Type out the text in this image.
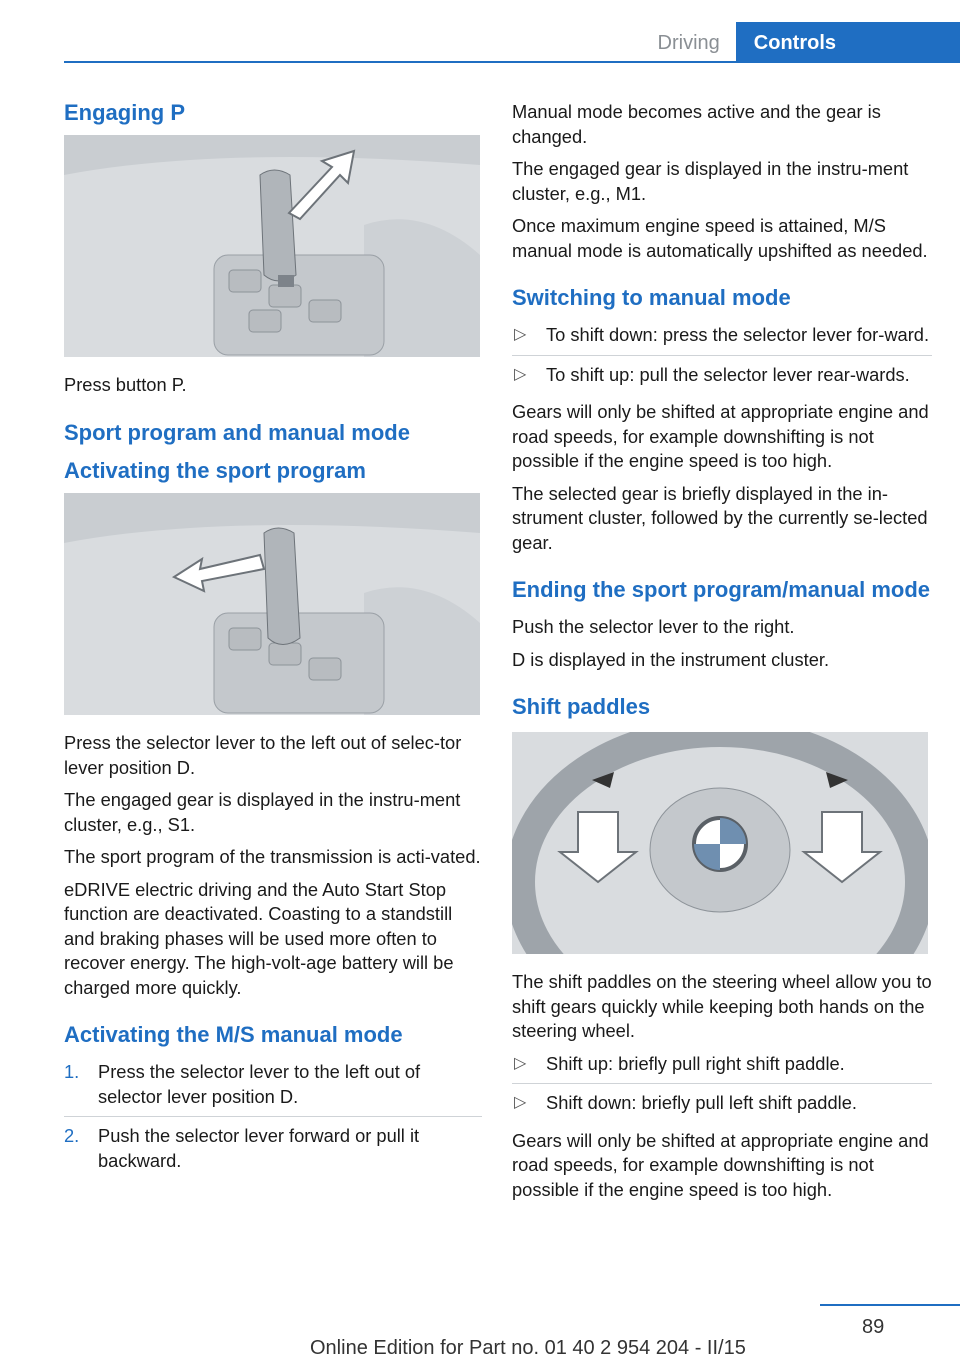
Driving	Controls
Engaging P

Press button P.

Sport program and manual mode
Activating the sport program

Press the selector lever to the left out of selec-tor lever position D.

The engaged gear is displayed in the instru-ment cluster, e.g., S1.

The sport program of the transmission is acti-vated.

eDRIVE electric driving and the Auto Start Stop function are deactivated. Coasting to a standstill and braking phases will be used more often to recover energy. The high-volt-age battery will be charged more quickly.

Activating the M/S manual mode
1. Press the selector lever to the left out of selector lever position D.
2. Push the selector lever forward or pull it backward.

Manual mode becomes active and the gear is changed.

The engaged gear is displayed in the instru-ment cluster, e.g., M1.

Once maximum engine speed is attained, M/S manual mode is automatically upshifted as needed.

Switching to manual mode
▷ To shift down: press the selector lever for-ward.
▷ To shift up: pull the selector lever rear-wards.

Gears will only be shifted at appropriate engine and road speeds, for example downshifting is not possible if the engine speed is too high.

The selected gear is briefly displayed in the in-strument cluster, followed by the currently se-lected gear.

Ending the sport program/manual mode

Push the selector lever to the right.

D is displayed in the instrument cluster.

Shift paddles

The shift paddles on the steering wheel allow you to shift gears quickly while keeping both hands on the steering wheel.

▷ Shift up: briefly pull right shift paddle.
▷ Shift down: briefly pull left shift paddle.

Gears will only be shifted at appropriate engine and road speeds, for example downshifting is not possible if the engine speed is too high.

89
Online Edition for Part no. 01 40 2 954 204 - II/15
